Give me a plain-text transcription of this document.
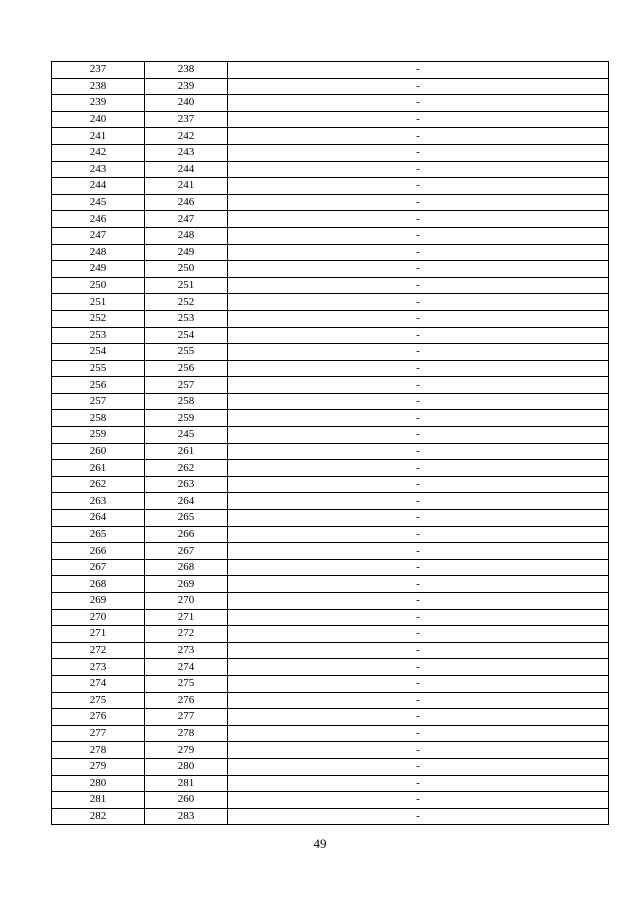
237	238	-
238	239	-
239	240	-
240	237	-
241	242	-
242	243	-
243	244	-
244	241	-
245	246	-
246	247	-
247	248	-
248	249	-
249	250	-
250	251	-
251	252	-
252	253	-
253	254	-
254	255	-
255	256	-
256	257	-
257	258	-
258	259	-
259	245	-
260	261	-
261	262	-
262	263	-
263	264	-
264	265	-
265	266	-
266	267	-
267	268	-
268	269	-
269	270	-
270	271	-
271	272	-
272	273	-
273	274	-
274	275	-
275	276	-
276	277	-
277	278	-
278	279	-
279	280	-
280	281	-
281	260	-
282	283	-
49
